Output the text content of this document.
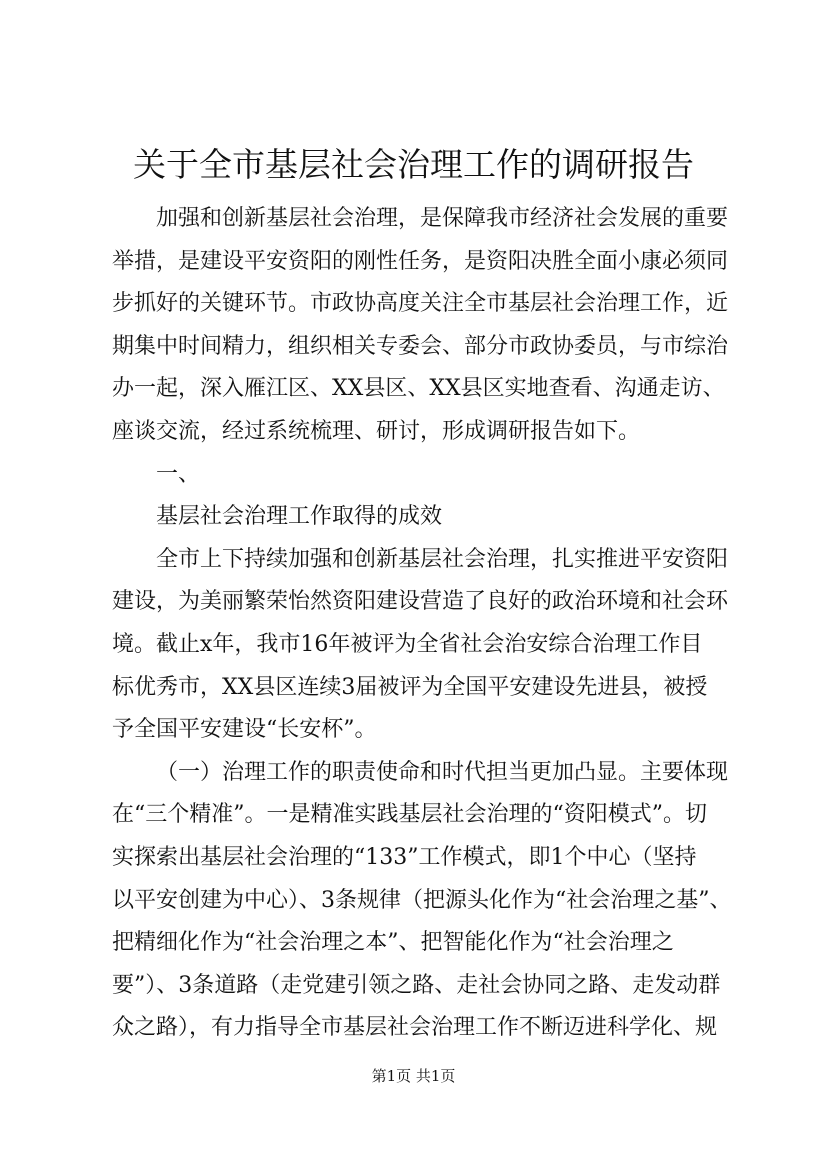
关于全市基层社会治理工作的调研报告
加强和创新基层社会治理，是保障我市经济社会发展的重要
举措，是建设平安资阳的刚性任务，是资阳决胜全面小康必须同
步抓好的关键环节。市政协高度关注全市基层社会治理工作，近
期集中时间精力，组织相关专委会、部分市政协委员，与市综治
办一起，深入雁江区、XX县区、XX县区实地查看、沟通走访、
座谈交流，经过系统梳理、研讨，形成调研报告如下。
一、
基层社会治理工作取得的成效
全市上下持续加强和创新基层社会治理，扎实推进平安资阳
建设，为美丽繁荣怡然资阳建设营造了良好的政治环境和社会环
境。截止x年，我市16年被评为全省社会治安综合治理工作目
标优秀市，XX县区连续3届被评为全国平安建设先进县，被授
予全国平安建设“长安杯”。
（一）治理工作的职责使命和时代担当更加凸显。主要体现
在“三个精准”。一是精准实践基层社会治理的“资阳模式”。切
实探索出基层社会治理的“133”工作模式，即1个中心（坚持
以平安创建为中心）、3条规律（把源头化作为“社会治理之基”、
把精细化作为“社会治理之本”、把智能化作为“社会治理之
要”）、3条道路（走党建引领之路、走社会协同之路、走发动群
众之路），有力指导全市基层社会治理工作不断迈进科学化、规
第1页 共1页
